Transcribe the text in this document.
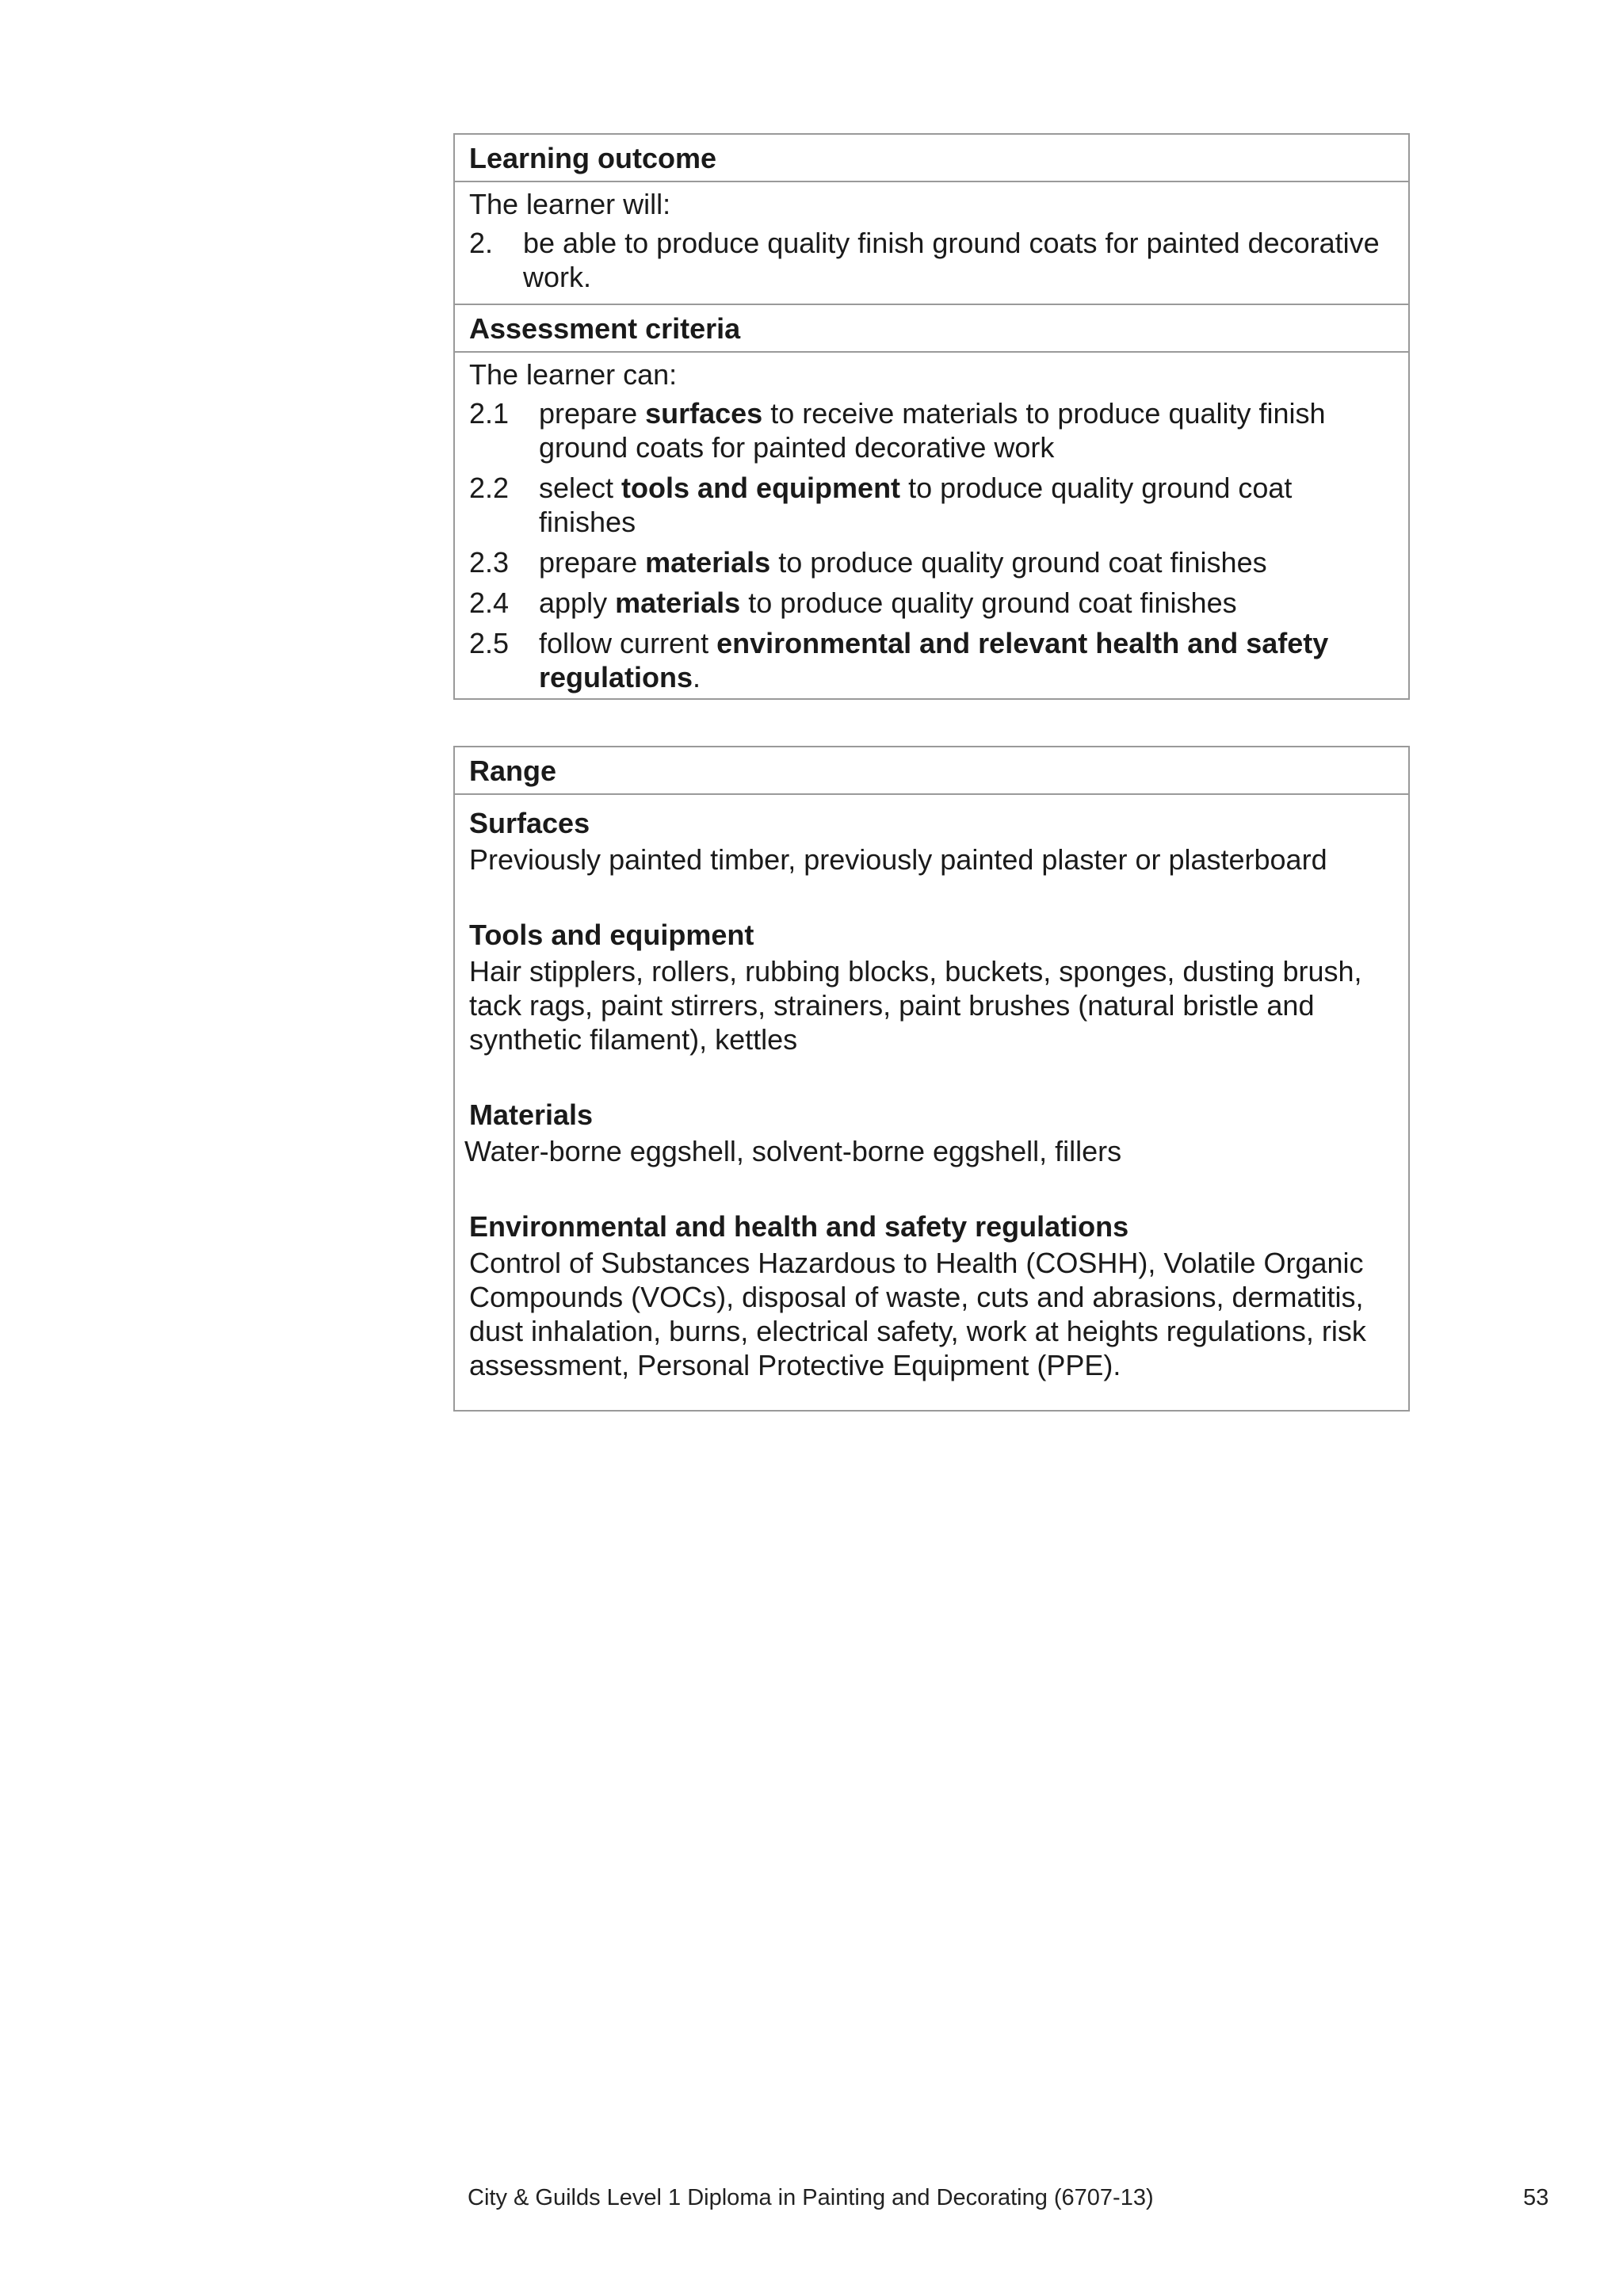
Learning outcome
The learner will:
2.	be able to produce quality finish ground coats for painted decorative work.
Assessment criteria
The learner can:
2.1	prepare surfaces to receive materials to produce quality finish ground coats for painted decorative work
2.2	select tools and equipment to produce quality ground coat finishes
2.3	prepare materials to produce quality ground coat finishes
2.4	apply materials to produce quality ground coat finishes
2.5	follow current environmental and relevant health and safety regulations.
Range
Surfaces
Previously painted timber, previously painted plaster or plasterboard
Tools and equipment
Hair stipplers, rollers, rubbing blocks, buckets, sponges, dusting brush, tack rags, paint stirrers, strainers, paint brushes (natural bristle and synthetic filament), kettles
Materials
Water-borne eggshell, solvent-borne eggshell, fillers
Environmental and health and safety regulations
Control of Substances Hazardous to Health (COSHH), Volatile Organic Compounds (VOCs), disposal of waste, cuts and abrasions, dermatitis, dust inhalation, burns, electrical safety, work at heights regulations, risk assessment, Personal Protective Equipment (PPE).
City & Guilds Level 1 Diploma in Painting and Decorating (6707-13)	53
